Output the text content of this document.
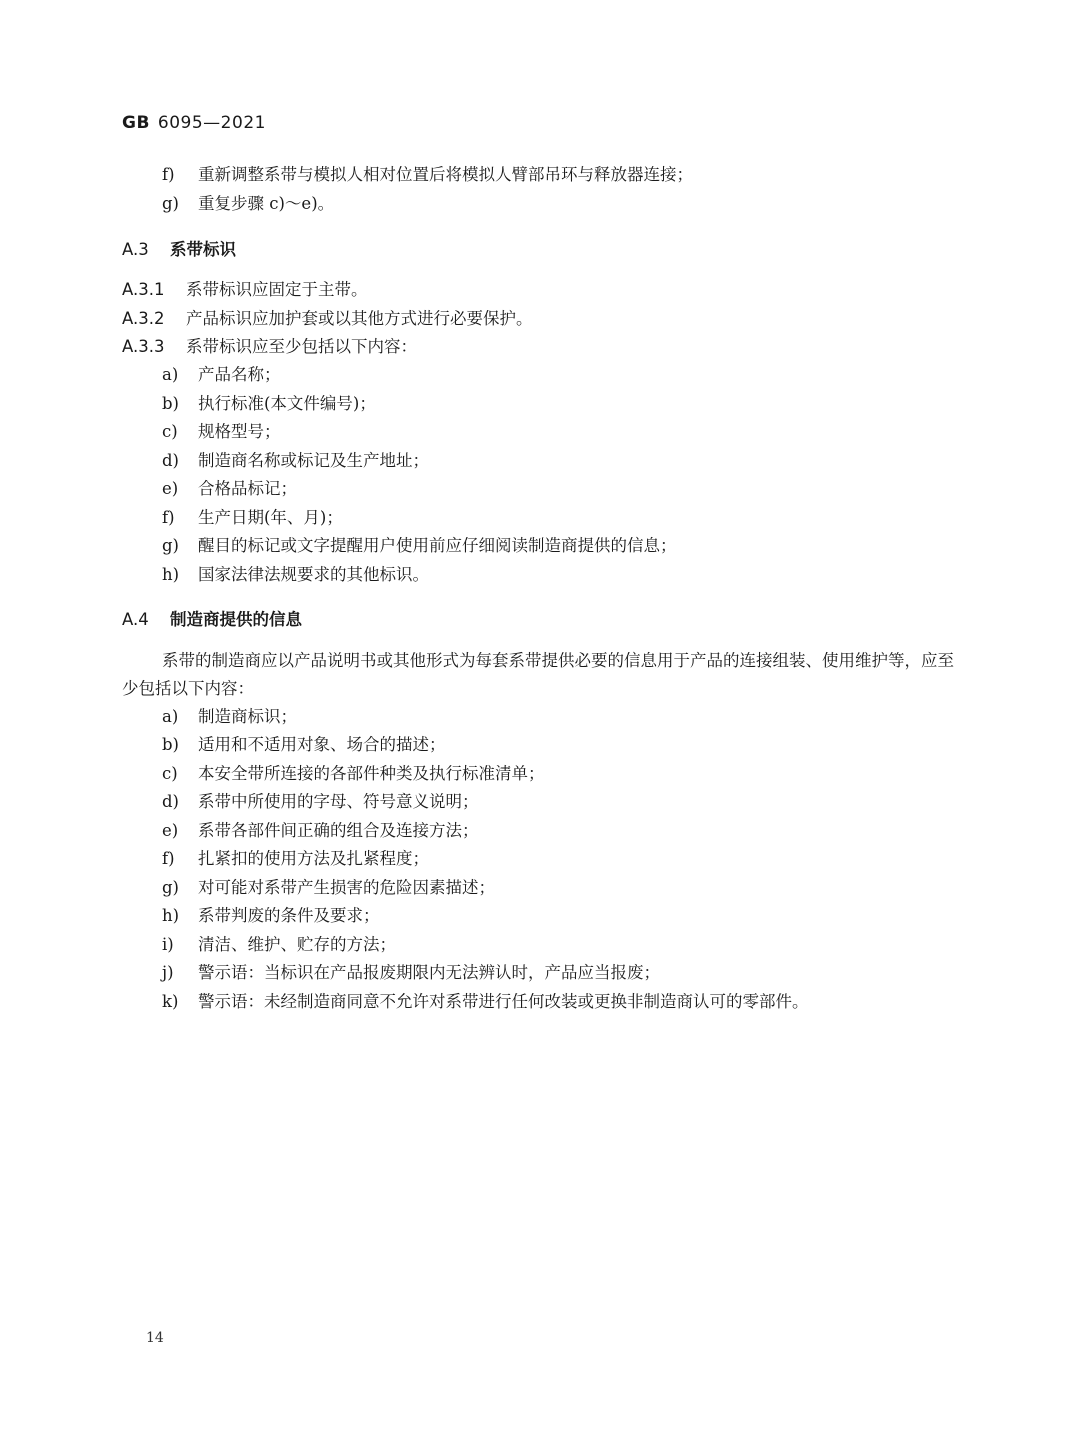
GB 6095—2021
f) 重新调整系带与模拟人相对位置后将模拟人臂部吊环与释放器连接；
g) 重复步骤 c)～e)。
A.3 系带标识
A.3.1 系带标识应固定于主带。
A.3.2 产品标识应加护套或以其他方式进行必要保护。
A.3.3 系带标识应至少包括以下内容：
a) 产品名称；
b) 执行标准(本文件编号)；
c) 规格型号；
d) 制造商名称或标记及生产地址；
e) 合格品标记；
f) 生产日期(年、月)；
g) 醒目的标记或文字提醒用户使用前应仔细阅读制造商提供的信息；
h) 国家法律法规要求的其他标识。
A.4 制造商提供的信息
系带的制造商应以产品说明书或其他形式为每套系带提供必要的信息用于产品的连接组装、使用维护等，应至少包括以下内容：
a) 制造商标识；
b) 适用和不适用对象、场合的描述；
c) 本安全带所连接的各部件种类及执行标准清单；
d) 系带中所使用的字母、符号意义说明；
e) 系带各部件间正确的组合及连接方法；
f) 扎紧扣的使用方法及扎紧程度；
g) 对可能对系带产生损害的危险因素描述；
h) 系带判废的条件及要求；
i) 清洁、维护、贮存的方法；
j) 警示语：当标识在产品报废期限内无法辨认时，产品应当报废；
k) 警示语：未经制造商同意不允许对系带进行任何改装或更换非制造商认可的零部件。
14
